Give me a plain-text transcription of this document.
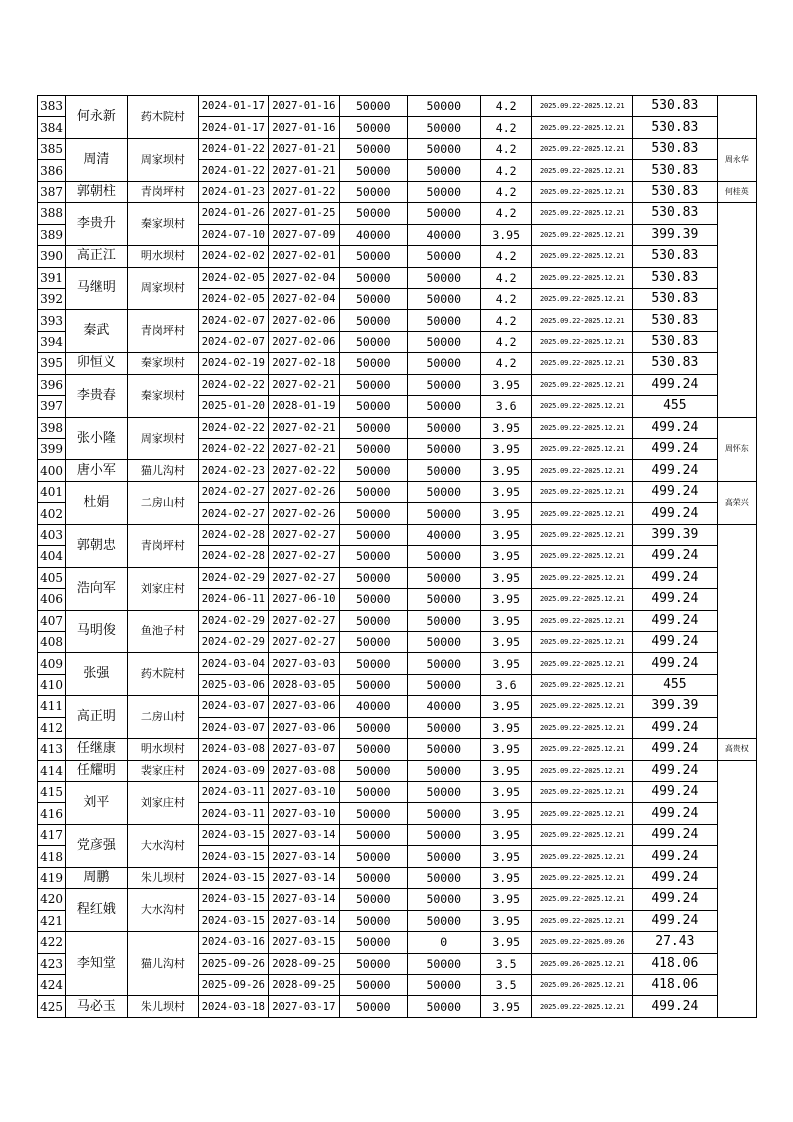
383	何永新	药木院村	2024-01-17	2027-01-16	50000	50000	4.2	2025.09.22-2025.12.21	530.83	
384			2024-01-17	2027-01-16	50000	50000	4.2	2025.09.22-2025.12.21	530.83	
385	周清	周家坝村	2024-01-22	2027-01-21	50000	50000	4.2	2025.09.22-2025.12.21	530.83	周永华
386			2024-01-22	2027-01-21	50000	50000	4.2	2025.09.22-2025.12.21	530.83	
387	郭朝柱	青岗坪村	2024-01-23	2027-01-22	50000	50000	4.2	2025.09.22-2025.12.21	530.83	何桂英
388	李贵升	秦家坝村	2024-01-26	2027-01-25	50000	50000	4.2	2025.09.22-2025.12.21	530.83	
389			2024-07-10	2027-07-09	40000	40000	3.95	2025.09.22-2025.12.21	399.39	
390	高正江	明水坝村	2024-02-02	2027-02-01	50000	50000	4.2	2025.09.22-2025.12.21	530.83	
391	马继明	周家坝村	2024-02-05	2027-02-04	50000	50000	4.2	2025.09.22-2025.12.21	530.83	
392			2024-02-05	2027-02-04	50000	50000	4.2	2025.09.22-2025.12.21	530.83	
393	秦武	青岗坪村	2024-02-07	2027-02-06	50000	50000	4.2	2025.09.22-2025.12.21	530.83	
394			2024-02-07	2027-02-06	50000	50000	4.2	2025.09.22-2025.12.21	530.83	
395	卯恒义	秦家坝村	2024-02-19	2027-02-18	50000	50000	4.2	2025.09.22-2025.12.21	530.83	
396	李贵春	秦家坝村	2024-02-22	2027-02-21	50000	50000	3.95	2025.09.22-2025.12.21	499.24	
397			2025-01-20	2028-01-19	50000	50000	3.6	2025.09.22-2025.12.21	455	
398	张小隆	周家坝村	2024-02-22	2027-02-21	50000	50000	3.95	2025.09.22-2025.12.21	499.24	周怀东
399			2024-02-22	2027-02-21	50000	50000	3.95	2025.09.22-2025.12.21	499.24	
400	唐小军	猫儿沟村	2024-02-23	2027-02-22	50000	50000	3.95	2025.09.22-2025.12.21	499.24	
401	杜娟	二房山村	2024-02-27	2027-02-26	50000	50000	3.95	2025.09.22-2025.12.21	499.24	高荣兴
402			2024-02-27	2027-02-26	50000	50000	3.95	2025.09.22-2025.12.21	499.24	
403	郭朝忠	青岗坪村	2024-02-28	2027-02-27	50000	40000	3.95	2025.09.22-2025.12.21	399.39	
404			2024-02-28	2027-02-27	50000	50000	3.95	2025.09.22-2025.12.21	499.24	
405	浩向军	刘家庄村	2024-02-29	2027-02-27	50000	50000	3.95	2025.09.22-2025.12.21	499.24	
406			2024-06-11	2027-06-10	50000	50000	3.95	2025.09.22-2025.12.21	499.24	
407	马明俊	鱼池子村	2024-02-29	2027-02-27	50000	50000	3.95	2025.09.22-2025.12.21	499.24	
408			2024-02-29	2027-02-27	50000	50000	3.95	2025.09.22-2025.12.21	499.24	
409	张强	药木院村	2024-03-04	2027-03-03	50000	50000	3.95	2025.09.22-2025.12.21	499.24	
410			2025-03-06	2028-03-05	50000	50000	3.6	2025.09.22-2025.12.21	455	
411	高正明	二房山村	2024-03-07	2027-03-06	40000	40000	3.95	2025.09.22-2025.12.21	399.39	
412			2024-03-07	2027-03-06	50000	50000	3.95	2025.09.22-2025.12.21	499.24	
413	任继康	明水坝村	2024-03-08	2027-03-07	50000	50000	3.95	2025.09.22-2025.12.21	499.24	高贵权
414	任耀明	裴家庄村	2024-03-09	2027-03-08	50000	50000	3.95	2025.09.22-2025.12.21	499.24	
415	刘平	刘家庄村	2024-03-11	2027-03-10	50000	50000	3.95	2025.09.22-2025.12.21	499.24	
416			2024-03-11	2027-03-10	50000	50000	3.95	2025.09.22-2025.12.21	499.24	
417	党彦强	大水沟村	2024-03-15	2027-03-14	50000	50000	3.95	2025.09.22-2025.12.21	499.24	
418			2024-03-15	2027-03-14	50000	50000	3.95	2025.09.22-2025.12.21	499.24	
419	周鹏	朱儿坝村	2024-03-15	2027-03-14	50000	50000	3.95	2025.09.22-2025.12.21	499.24	
420	程红娥	大水沟村	2024-03-15	2027-03-14	50000	50000	3.95	2025.09.22-2025.12.21	499.24	
421			2024-03-15	2027-03-14	50000	50000	3.95	2025.09.22-2025.12.21	499.24	
422	李知堂	猫儿沟村	2024-03-16	2027-03-15	50000	0	3.95	2025.09.22-2025.09.26	27.43	
423			2025-09-26	2028-09-25	50000	50000	3.5	2025.09.26-2025.12.21	418.06	
424			2025-09-26	2028-09-25	50000	50000	3.5	2025.09.26-2025.12.21	418.06	
425	马必玉	朱儿坝村	2024-03-18	2027-03-17	50000	50000	3.95	2025.09.22-2025.12.21	499.24	
